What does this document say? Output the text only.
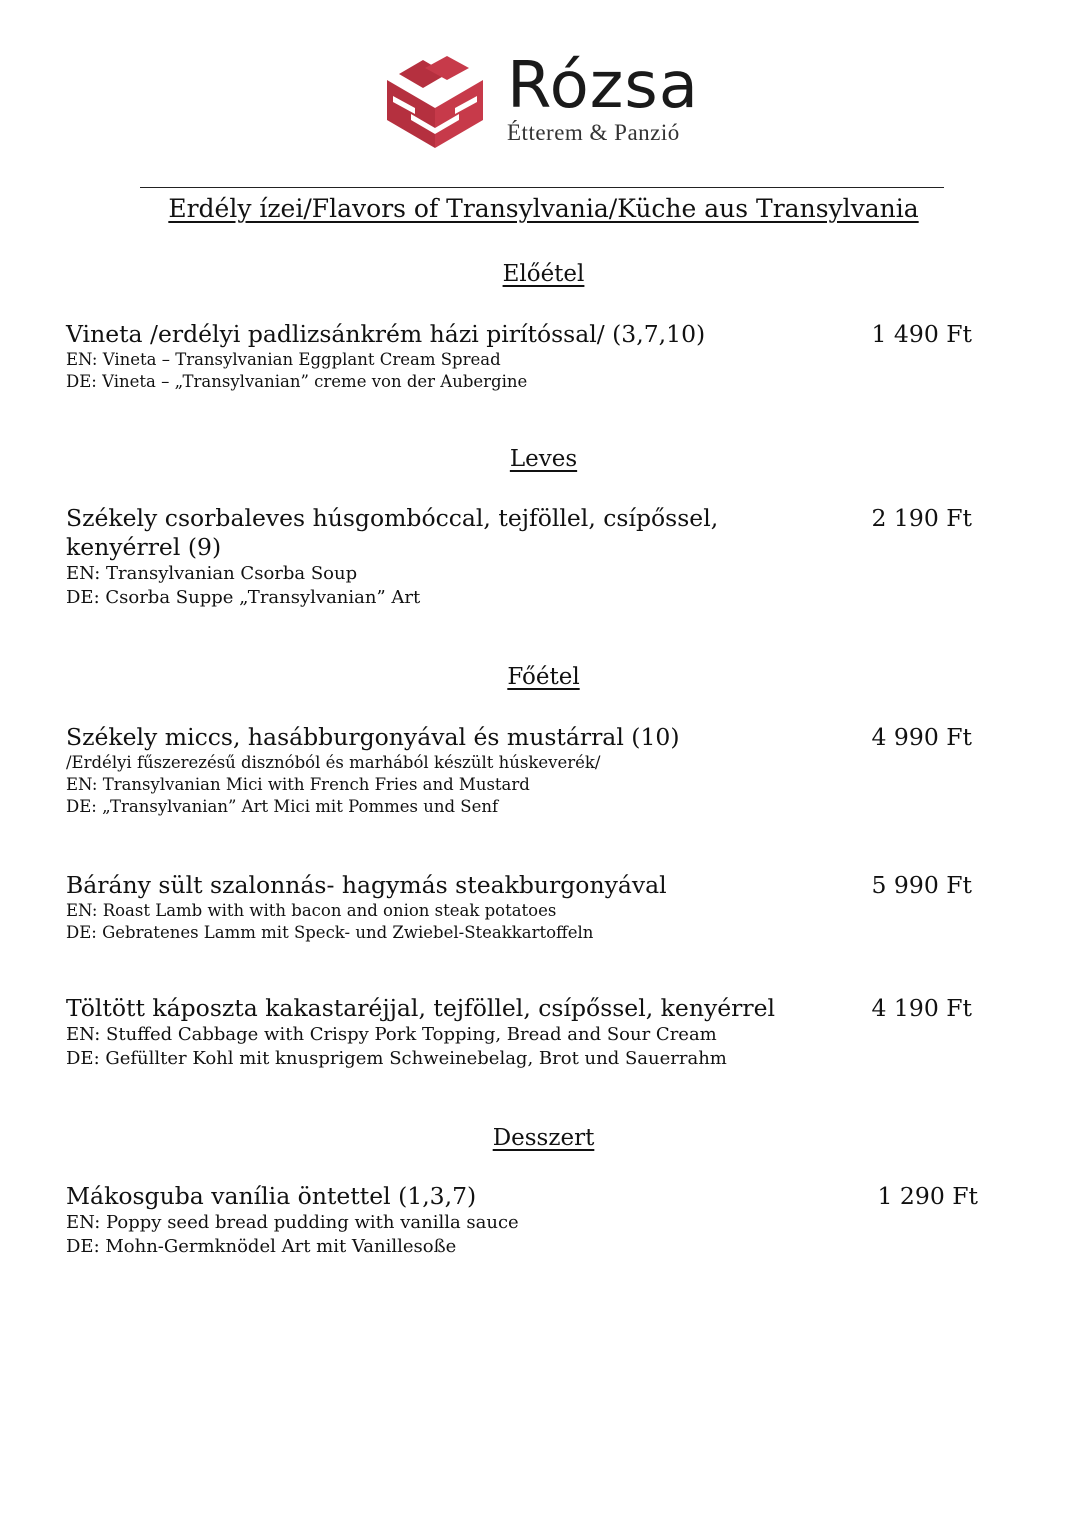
Rózsa
Étterem & Panzió
Erdély ízei/Flavors of Transylvania/Küche aus Transylvania
Előétel
Vineta /erdélyi padlizsánkrém házi pirítóssal/ (3,7,10)	1 490 Ft
EN: Vineta – Transylvanian Eggplant Cream Spread
DE: Vineta – „Transylvanian” creme von der Aubergine
Leves
Székely csorbaleves húsgombóccal, tejföllel, csípőssel, kenyérrel (9)
2 190 Ft
EN: Transylvanian Csorba Soup
DE: Csorba Suppe „Transylvanian” Art
Főétel
Székely miccs, hasábburgonyával és mustárral (10)	4 990 Ft
/Erdélyi fűszerezésű disznóból és marhából készült húskeverék/
EN: Transylvanian Mici with French Fries and Mustard
DE: „Transylvanian” Art Mici mit Pommes und Senf
Bárány sült szalonnás- hagymás steakburgonyával	5 990 Ft
EN: Roast Lamb with with bacon and onion steak potatoes
DE: Gebratenes Lamm mit Speck- und Zwiebel-Steakkartoffeln
Töltött káposzta kakastaréjjal, tejföllel, csípőssel, kenyérrel	4 190 Ft
EN: Stuffed Cabbage with Crispy Pork Topping, Bread and Sour Cream
DE: Gefüllter Kohl mit knusprigem Schweinebelag, Brot und Sauerrahm
Desszert
Mákosguba vanília öntettel (1,3,7)	1 290 Ft
EN: Poppy seed bread pudding with vanilla sauce
DE: Mohn-Germknödel Art mit Vanillesoße
